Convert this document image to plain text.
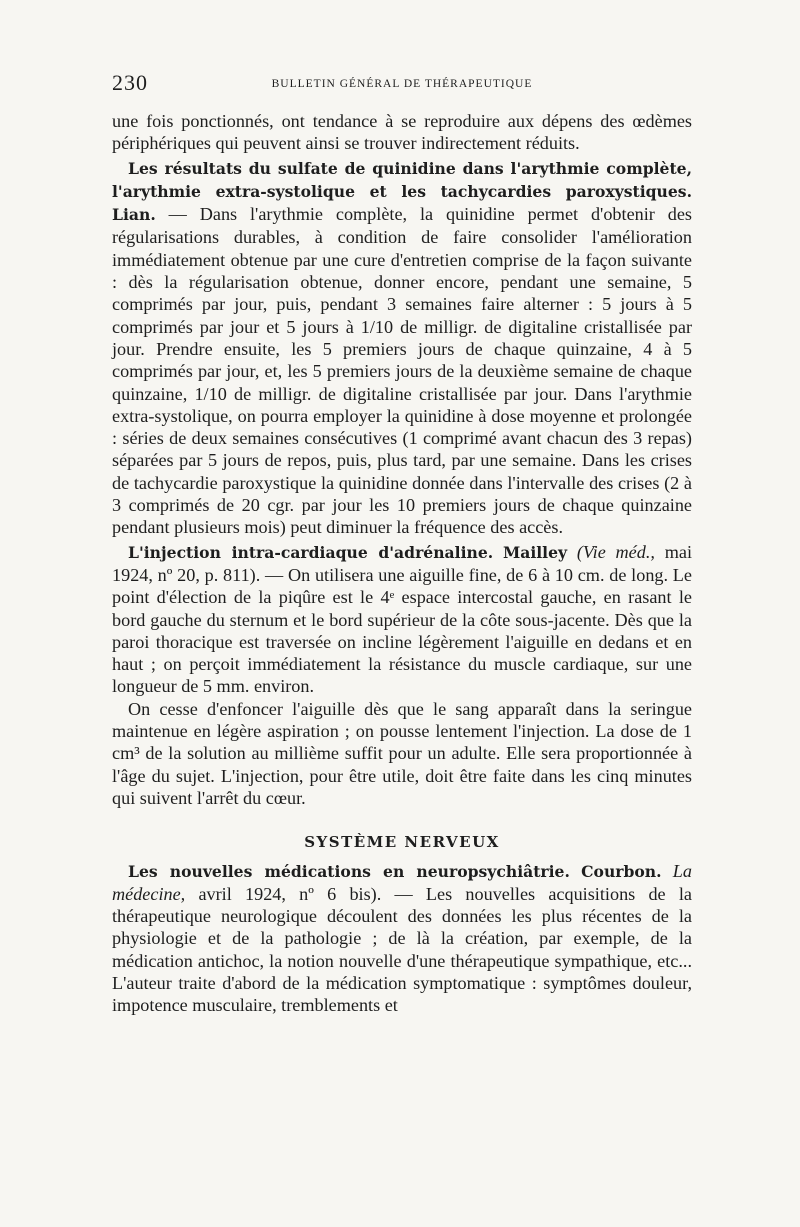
230	BULLETIN GÉNÉRAL DE THÉRAPEUTIQUE

une fois ponctionnés, ont tendance à se reproduire aux dépens des œdèmes périphériques qui peuvent ainsi se trouver indirectement réduits.

Les résultats du sulfate de quinidine dans l'arythmie complète, l'arythmie extra-systolique et les tachycardies paroxystiques. Lian. — Dans l'arythmie complète, la quinidine permet d'obtenir des régularisations durables, à condition de faire consolider l'amélioration immédiatement obtenue par une cure d'entretien comprise de la façon suivante : dès la régularisation obtenue, donner encore, pendant une semaine, 5 comprimés par jour, puis, pendant 3 semaines faire alterner : 5 jours à 5 comprimés par jour et 5 jours à 1/10 de milligr. de digitaline cristallisée par jour. Prendre ensuite, les 5 premiers jours de chaque quinzaine, 4 à 5 comprimés par jour, et, les 5 premiers jours de la deuxième semaine de chaque quinzaine, 1/10 de milligr. de digitaline cristallisée par jour. Dans l'arythmie extra-systolique, on pourra employer la quinidine à dose moyenne et prolongée : séries de deux semaines consécutives (1 comprimé avant chacun des 3 repas) séparées par 5 jours de repos, puis, plus tard, par une semaine. Dans les crises de tachycardie paroxystique la quinidine donnée dans l'intervalle des crises (2 à 3 comprimés de 20 cgr. par jour les 10 premiers jours de chaque quinzaine pendant plusieurs mois) peut diminuer la fréquence des accès.

L'injection intra-cardiaque d'adrénaline. Mailley (Vie méd., mai 1924, nº 20, p. 811). — On utilisera une aiguille fine, de 6 à 10 cm. de long. Le point d'élection de la piqûre est le 4ᵉ espace intercostal gauche, en rasant le bord gauche du sternum et le bord supérieur de la côte sous-jacente. Dès que la paroi thoracique est traversée on incline légèrement l'aiguille en dedans et en haut ; on perçoit immédiatement la résistance du muscle cardiaque, sur une longueur de 5 mm. environ.

On cesse d'enfoncer l'aiguille dès que le sang apparaît dans la seringue maintenue en légère aspiration ; on pousse lentement l'injection. La dose de 1 cm³ de la solution au millième suffit pour un adulte. Elle sera proportionnée à l'âge du sujet. L'injection, pour être utile, doit être faite dans les cinq minutes qui suivent l'arrêt du cœur.

SYSTÈME NERVEUX

Les nouvelles médications en neuropsychiâtrie. Courbon. La médecine, avril 1924, nº 6 bis). — Les nouvelles acquisitions de la thérapeutique neurologique découlent des données les plus récentes de la physiologie et de la pathologie ; de là la création, par exemple, de la médication antichoc, la notion nouvelle d'une thérapeutique sympathique, etc... L'auteur traite d'abord de la médication symptomatique : symptômes douleur, impotence musculaire, tremblements et
